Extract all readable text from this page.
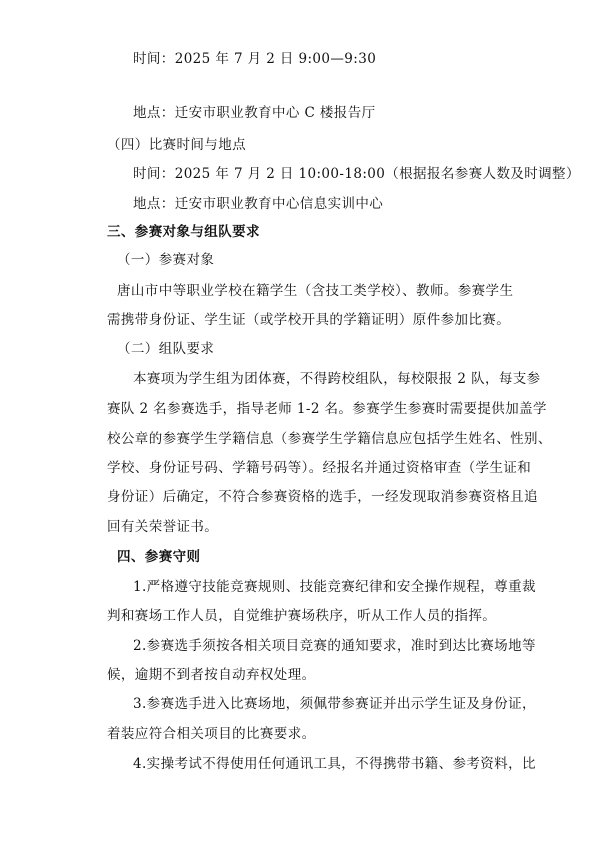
时间：2025 年 7 月 2 日 9:00—9:30
地点：迁安市职业教育中心 C 楼报告厅
（四）比赛时间与地点
时间：2025 年 7 月 2 日 10:00-18:00（根据报名参赛人数及时调整）
地点：迁安市职业教育中心信息实训中心
三、参赛对象与组队要求
（一）参赛对象
唐山市中等职业学校在籍学生（含技工类学校）、教师。参赛学生
需携带身份证、学生证（或学校开具的学籍证明）原件参加比赛。
（二）组队要求
本赛项为学生组为团体赛，不得跨校组队，每校限报 2 队，每支参
赛队 2 名参赛选手，指导老师 1-2 名。参赛学生参赛时需要提供加盖学
校公章的参赛学生学籍信息（参赛学生学籍信息应包括学生姓名、性别、
学校、身份证号码、学籍号码等）。经报名并通过资格审查（学生证和
身份证）后确定，不符合参赛资格的选手，一经发现取消参赛资格且追
回有关荣誉证书。
四、参赛守则
1.严格遵守技能竞赛规则、技能竞赛纪律和安全操作规程，尊重裁
判和赛场工作人员，自觉维护赛场秩序，听从工作人员的指挥。
2.参赛选手须按各相关项目竞赛的通知要求，准时到达比赛场地等
候，逾期不到者按自动弃权处理。
3.参赛选手进入比赛场地，须佩带参赛证并出示学生证及身份证，
着装应符合相关项目的比赛要求。
4.实操考试不得使用任何通讯工具，不得携带书籍、参考资料，比
